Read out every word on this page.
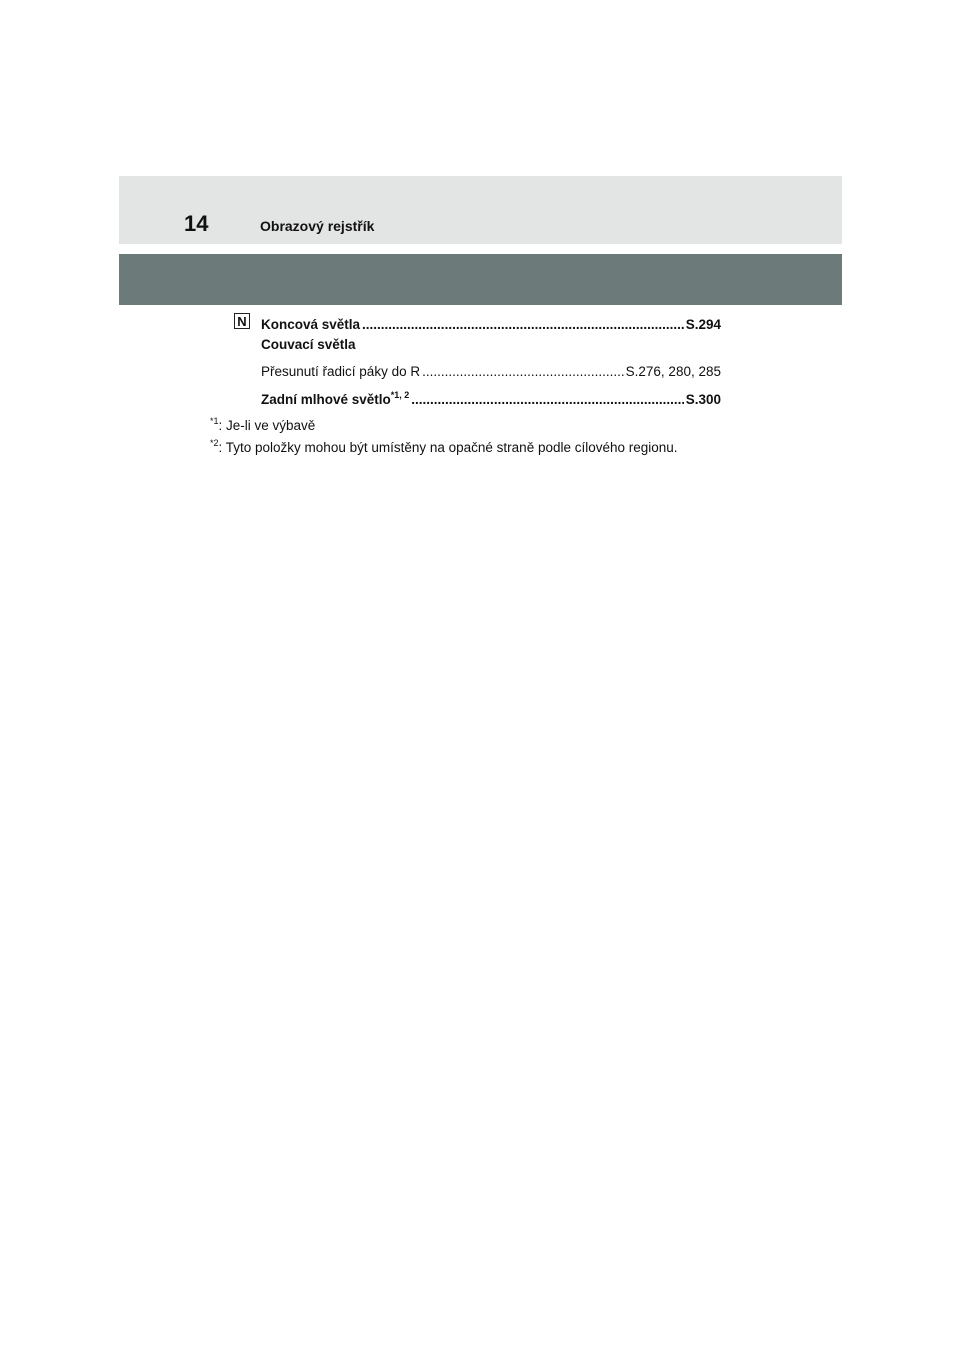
14	Obrazový rejstřík
N Koncová světla .....	S.294
Couvací světla
Přesunutí řadicí páky do R .....	S.276, 280, 285
Zadní mlhové světlo$^{*1, 2}$ .....	S.300
$^{*1}$: Je-li ve výbavě
$^{*2}$: Tyto položky mohou být umístěny na opačné straně podle cílového regionu.
